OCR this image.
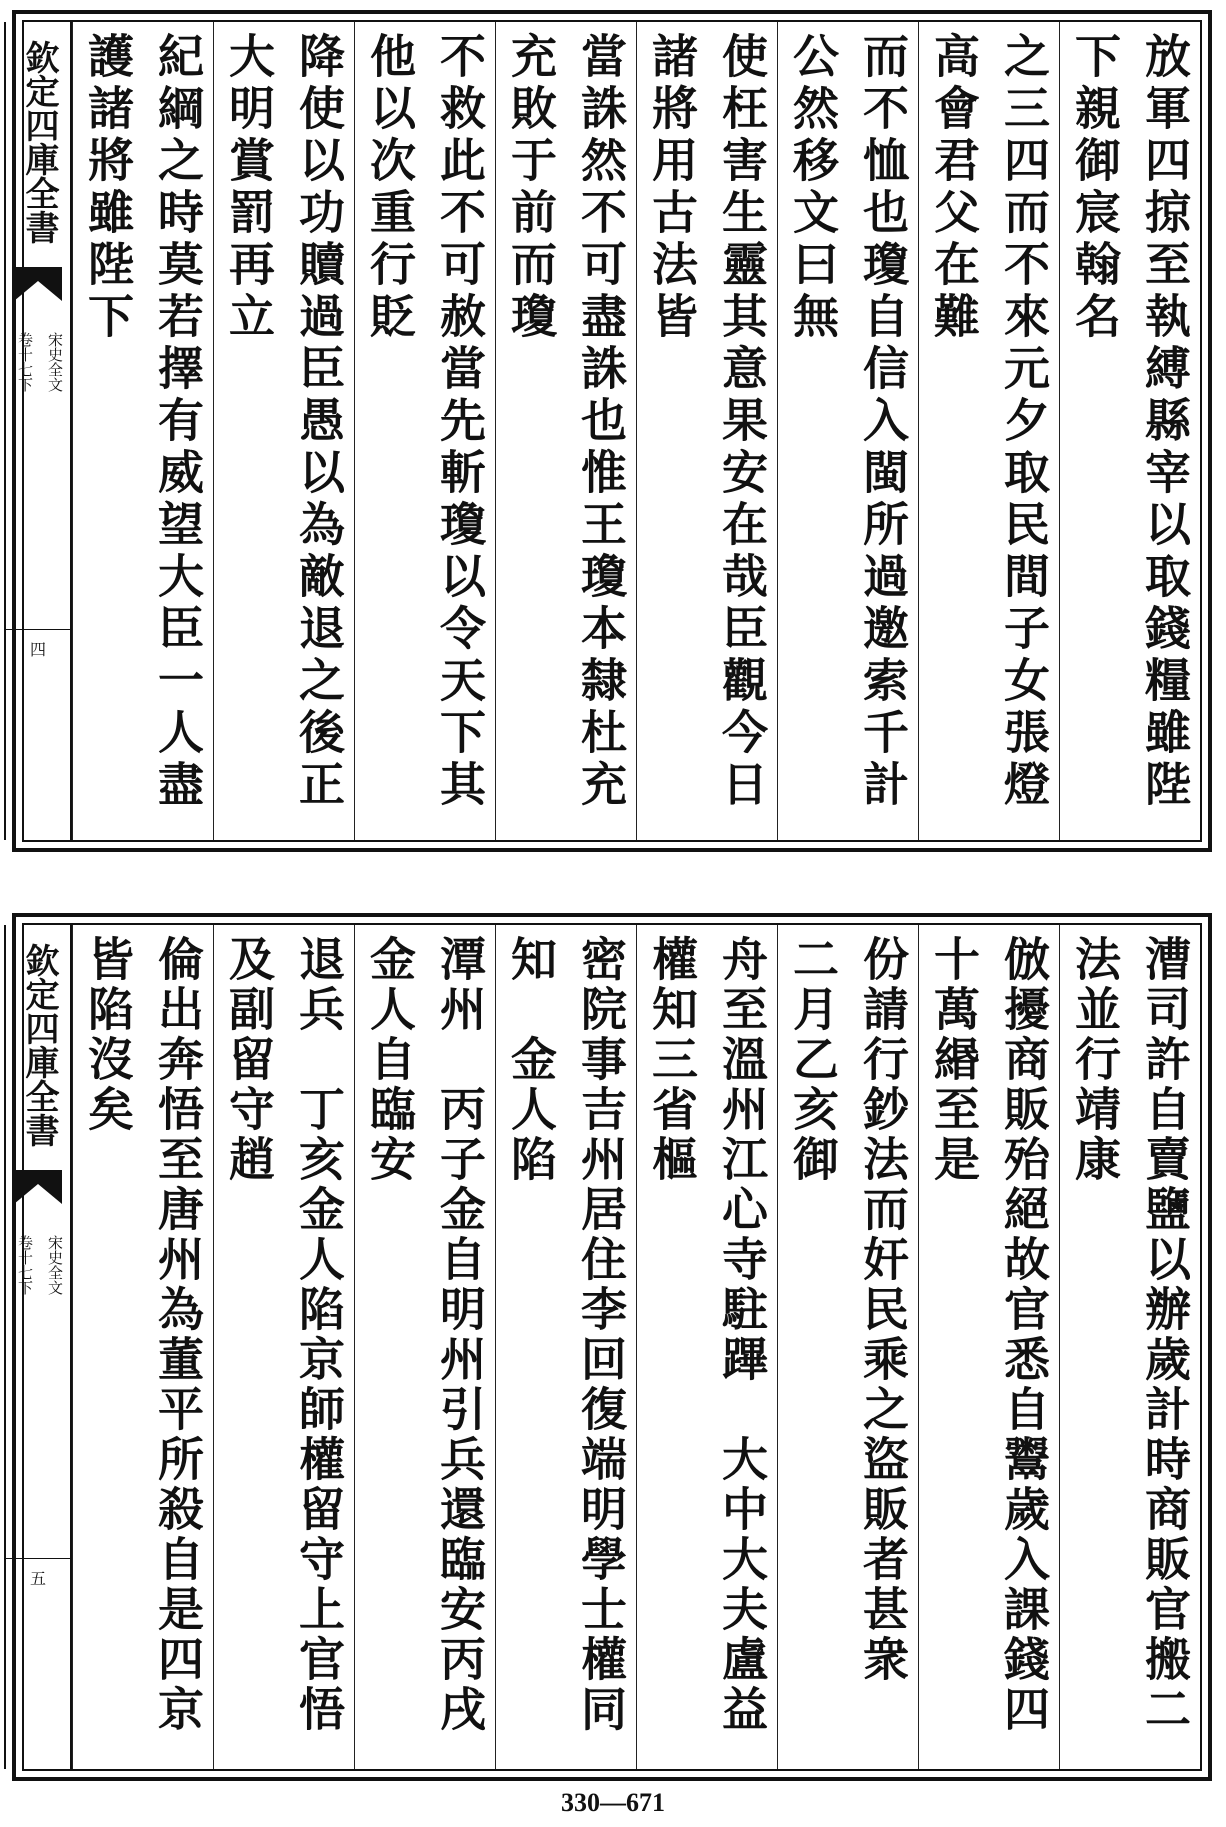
放軍四掠至執縛縣宰以取錢糧雖陛下親御宸翰名
之三四而不來元夕取民間子女張燈高會君父在難
而不恤也瓊自信入閩所過邀索千計公然移文曰無
使枉害生靈其意果安在哉臣觀今日諸將用古法皆
當誅然不可盡誅也惟王瓊本隸杜充充敗于前而瓊
不救此不可赦當先斬瓊以令天下其他以次重行貶
降使以功贖過臣愚以為敵退之後正大明賞罰再立
紀綱之時莫若擇有威望大臣一人盡護諸將雖陛下
欽定四庫全書
宋史全文
卷十七下
四
漕司許自賣鹽以辦歲計時商販官搬二法並行靖康
倣擾商販殆絕故官悉自鬻歲入課錢四十萬緡至是
份請行鈔法而奸民乘之盜販者甚衆　二月乙亥御
舟至溫州江心寺駐蹕　大中大夫盧益權知三省樞
密院事吉州居住李回復端明學士權同知　金人陷
潭州　丙子金自明州引兵還臨安丙戌金人自臨安
退兵　丁亥金人陷京師權留守上官悟及副留守趙
倫出奔悟至唐州為董平所殺自是四京皆陷沒矣
欽定四庫全書
宋史全文
卷十七下
五
330—671
